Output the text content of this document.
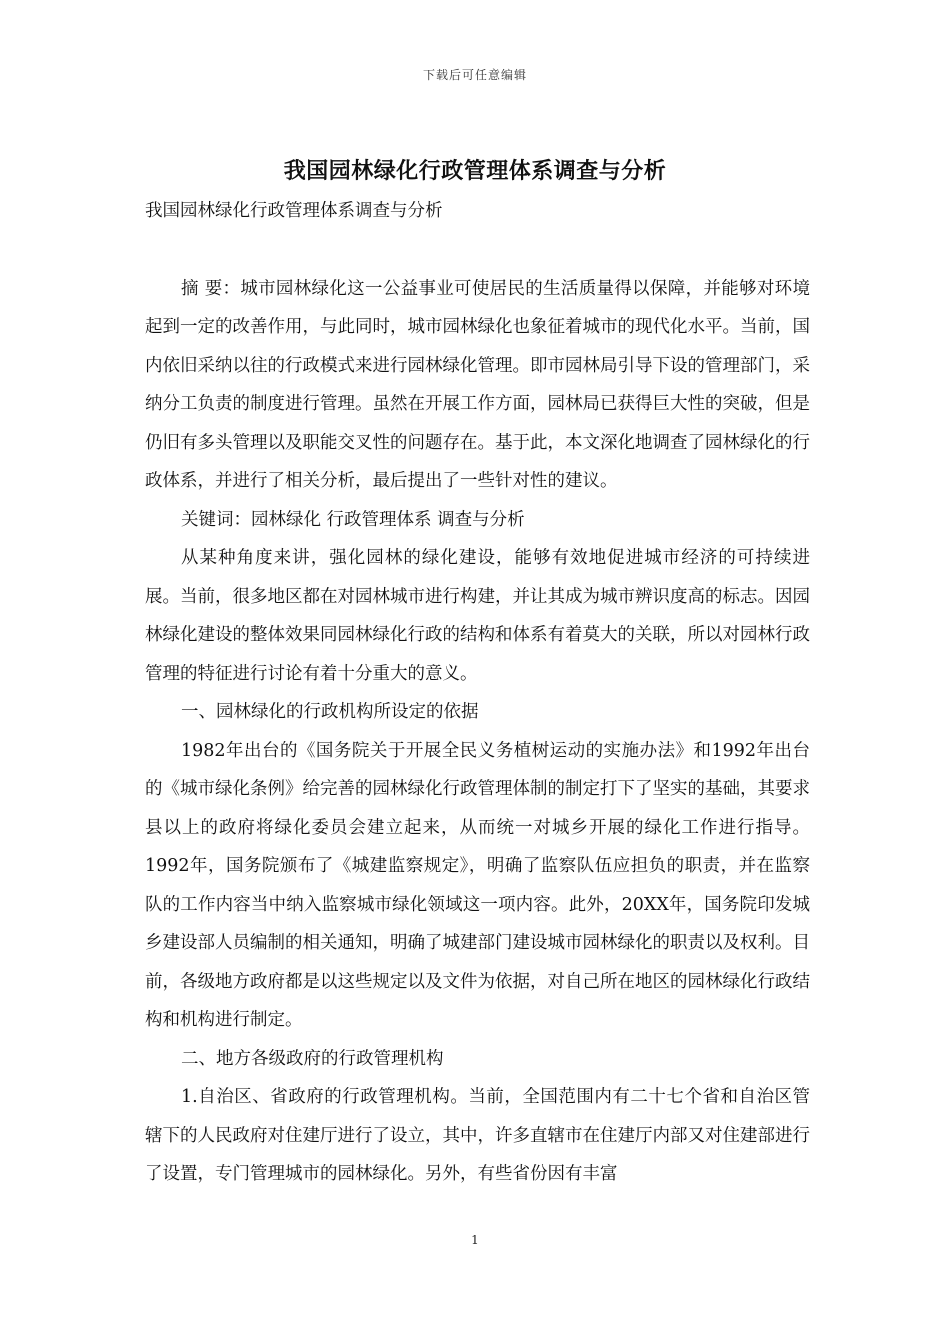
下载后可任意编辑
我国园林绿化行政管理体系调查与分析

我国园林绿化行政管理体系调查与分析

摘 要：城市园林绿化这一公益事业可使居民的生活质量得以保障，并能够对环境起到一定的改善作用，与此同时，城市园林绿化也象征着城市的现代化水平。当前，国内依旧采纳以往的行政模式来进行园林绿化管理。即市园林局引导下设的管理部门，采纳分工负责的制度进行管理。虽然在开展工作方面，园林局已获得巨大性的突破，但是仍旧有多头管理以及职能交叉性的问题存在。基于此，本文深化地调查了园林绿化的行政体系，并进行了相关分析，最后提出了一些针对性的建议。

关键词：园林绿化 行政管理体系 调查与分析

从某种角度来讲，强化园林的绿化建设，能够有效地促进城市经济的可持续进展。当前，很多地区都在对园林城市进行构建，并让其成为城市辨识度高的标志。因园林绿化建设的整体效果同园林绿化行政的结构和体系有着莫大的关联，所以对园林行政管理的特征进行讨论有着十分重大的意义。

一、园林绿化的行政机构所设定的依据

1982年出台的《国务院关于开展全民义务植树运动的实施办法》和1992年出台的《城市绿化条例》给完善的园林绿化行政管理体制的制定打下了坚实的基础，其要求县以上的政府将绿化委员会建立起来，从而统一对城乡开展的绿化工作进行指导。1992年，国务院颁布了《城建监察规定》，明确了监察队伍应担负的职责，并在监察队的工作内容当中纳入监察城市绿化领域这一项内容。此外，20XX年，国务院印发城乡建设部人员编制的相关通知，明确了城建部门建设城市园林绿化的职责以及权利。目前，各级地方政府都是以这些规定以及文件为依据，对自己所在地区的园林绿化行政结构和机构进行制定。

二、地方各级政府的行政管理机构

1.自治区、省政府的行政管理机构。当前，全国范围内有二十七个省和自治区管辖下的人民政府对住建厅进行了设立，其中，许多直辖市在住建厅内部又对住建部进行了设置，专门管理城市的园林绿化。另外，有些省份因有丰富

1
